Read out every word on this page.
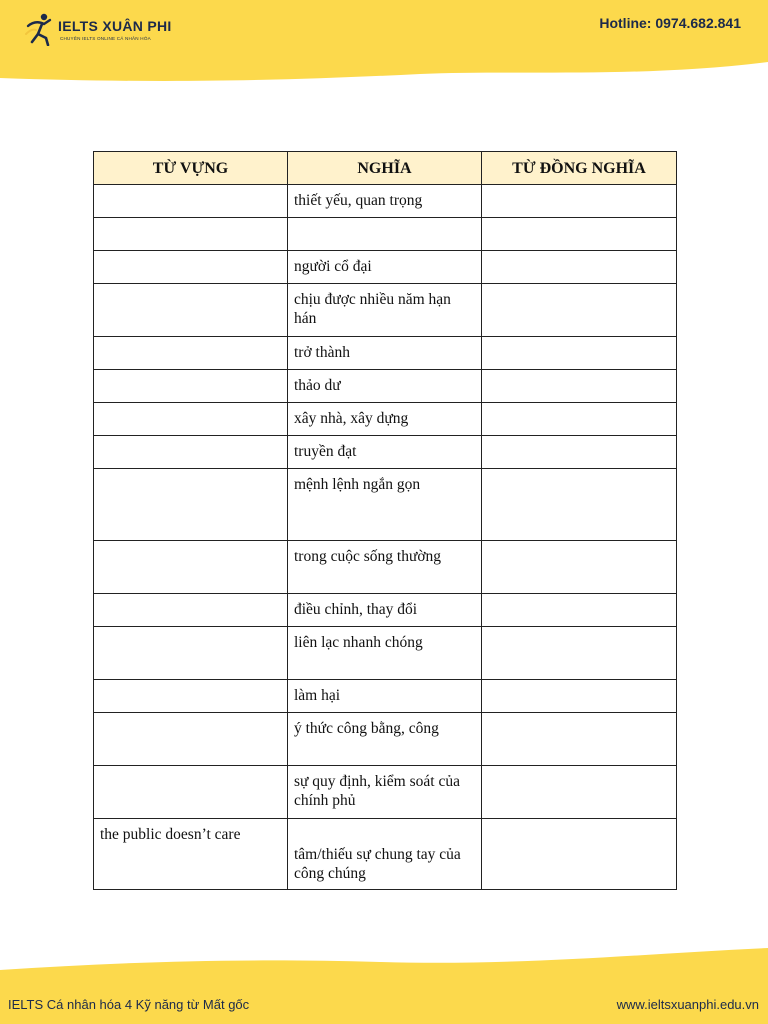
IELTS XUÂN PHI
CHUYÊN IELTS ONLINE CÁ NHÂN HÓA
Hotline: 0974.682.841
TỪ VỰNG	NGHĨA	TỪ ĐỒNG NGHĨA
	thiết yếu, quan trọng	

	người cổ đại	
	chịu được nhiều năm hạn hán	
	trở thành	
	thảo dư	
	xây nhà, xây dựng	
	truyền đạt	
	mệnh lệnh ngắn gọn	
	trong cuộc sống thường	
	điều chỉnh, thay đổi	
	liên lạc nhanh chóng	
	làm hại	
	ý thức công bằng, công	
	sự quy định, kiểm soát của chính phủ	
the public doesn’t care	tâm/thiếu sự chung tay của công chúng	

IELTS Cá nhân hóa 4 Kỹ năng từ Mất gốc	www.ieltsxuanphi.edu.vn
